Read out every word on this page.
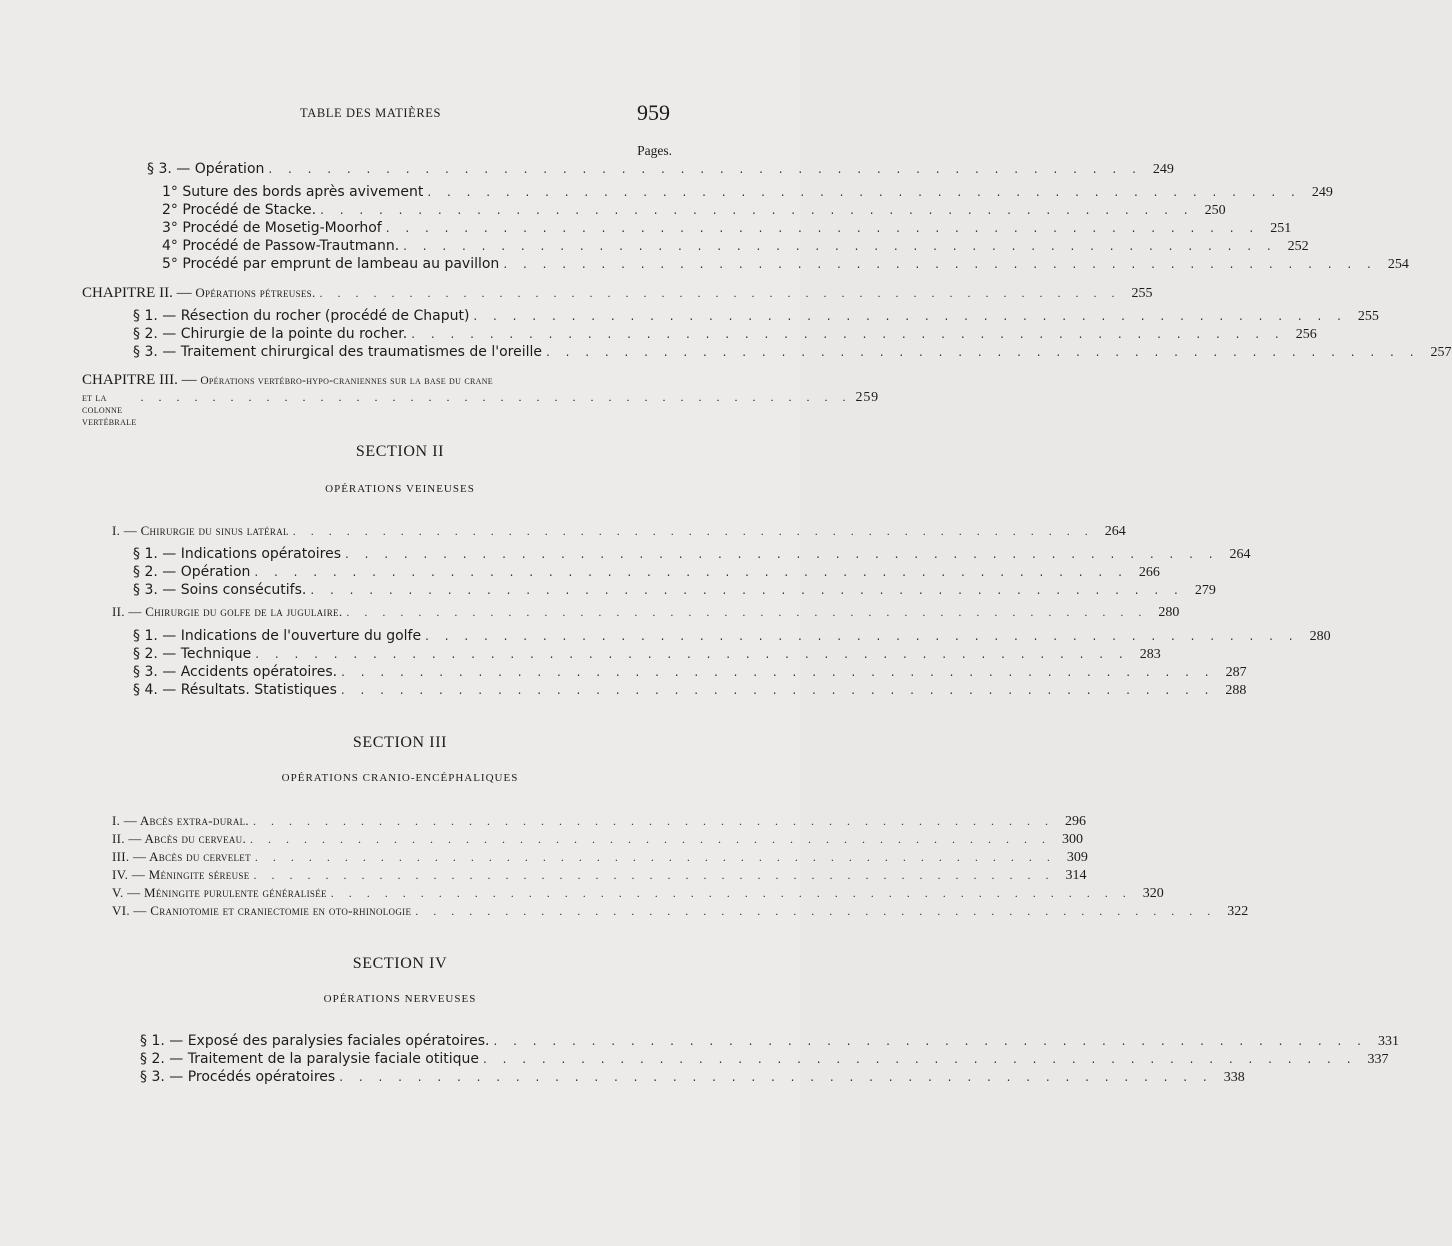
TABLE DES MATIÈRES	959
Pages.
§ 3. — Opération . . . . . . . . . . . . . . . . . . . . . . . . . . . . . . . . . . . . . . . . . . . . . 249
1° Suture des bords après avivement . . . . . . . . . . . . . . . . . . . . . . . . . . . . . . . . . . . . . . . . . . . . . 249
2° Procédé de Stacke. . . . . . . . . . . . . . . . . . . . . . . . . . . . . . . . . . . . . . . . . . . . . . 250
3° Procédé de Mosetig-Moorhof . . . . . . . . . . . . . . . . . . . . . . . . . . . . . . . . . . . . . . . . . . . . . 251
4° Procédé de Passow-Trautmann. . . . . . . . . . . . . . . . . . . . . . . . . . . . . . . . . . . . . . . . . . . . . . 252
5° Procédé par emprunt de lambeau au pavillon . . . . . . . . . . . . . . . . . . . . . . . . . . . . . . . . . . . . . . . . . . . . . 254
CHAPITRE II. — Opérations pétreuses. . . . . . . . . . . . . . . . . . . . . . . . . . . . . . . . . . . . . . . . . . . . . . 255
§ 1. — Résection du rocher (procédé de Chaput) . . . . . . . . . . . . . . . . . . . . . . . . . . . . . . . . . . . . . . . . . . . . . 255
§ 2. — Chirurgie de la pointe du rocher. . . . . . . . . . . . . . . . . . . . . . . . . . . . . . . . . . . . . . . . . . . . . . 256
§ 3. — Traitement chirurgical des traumatismes de l'oreille . . . . . . . . . . . . . . . . . . . . . . . . . . . . . . . . . . . . . . . . . . . . . 257
CHAPITRE III. — Opérations vertébro-hypo-craniennes sur la base du crane
et la colonne vertébrale
. . . . . . . . . . . . . . . . . . . . . . . . . . . . . . . . . . . . . . . . 259
SECTION II
OPÉRATIONS VEINEUSES
I. — Chirurgie du sinus latéral . . . . . . . . . . . . . . . . . . . . . . . . . . . . . . . . . . . . . . . . . . . . . 264
§ 1. — Indications opératoires . . . . . . . . . . . . . . . . . . . . . . . . . . . . . . . . . . . . . . . . . . . . . 264
§ 2. — Opération . . . . . . . . . . . . . . . . . . . . . . . . . . . . . . . . . . . . . . . . . . . . . 266
§ 3. — Soins consécutifs. . . . . . . . . . . . . . . . . . . . . . . . . . . . . . . . . . . . . . . . . . . . . . 279
II. — Chirurgie du golfe de la jugulaire. . . . . . . . . . . . . . . . . . . . . . . . . . . . . . . . . . . . . . . . . . . . . . 280
§ 1. — Indications de l'ouverture du golfe . . . . . . . . . . . . . . . . . . . . . . . . . . . . . . . . . . . . . . . . . . . . . 280
§ 2. — Technique . . . . . . . . . . . . . . . . . . . . . . . . . . . . . . . . . . . . . . . . . . . . . 283
§ 3. — Accidents opératoires. . . . . . . . . . . . . . . . . . . . . . . . . . . . . . . . . . . . . . . . . . . . . . 287
§ 4. — Résultats. Statistiques . . . . . . . . . . . . . . . . . . . . . . . . . . . . . . . . . . . . . . . . . . . . . 288
SECTION III
OPÉRATIONS CRANIO-ENCÉPHALIQUES
I. — Abcès extra-dural. . . . . . . . . . . . . . . . . . . . . . . . . . . . . . . . . . . . . . . . . . . . . . 296
II. — Abcès du cerveau. . . . . . . . . . . . . . . . . . . . . . . . . . . . . . . . . . . . . . . . . . . . . . 300
III. — Abcès du cervelet . . . . . . . . . . . . . . . . . . . . . . . . . . . . . . . . . . . . . . . . . . . . . 309
IV. — Méningite séreuse . . . . . . . . . . . . . . . . . . . . . . . . . . . . . . . . . . . . . . . . . . . . . 314
V. — Méningite purulente généralisée . . . . . . . . . . . . . . . . . . . . . . . . . . . . . . . . . . . . . . . . . . . . . 320
VI. — Craniotomie et craniectomie en oto-rhinologie . . . . . . . . . . . . . . . . . . . . . . . . . . . . . . . . . . . . . . . . . . . . . 322
SECTION IV
OPÉRATIONS NERVEUSES
§ 1. — Exposé des paralysies faciales opératoires. . . . . . . . . . . . . . . . . . . . . . . . . . . . . . . . . . . . . . . . . . . . . . 331
§ 2. — Traitement de la paralysie faciale otitique . . . . . . . . . . . . . . . . . . . . . . . . . . . . . . . . . . . . . . . . . . . . . 337
§ 3. — Procédés opératoires . . . . . . . . . . . . . . . . . . . . . . . . . . . . . . . . . . . . . . . . . . . . . 338
